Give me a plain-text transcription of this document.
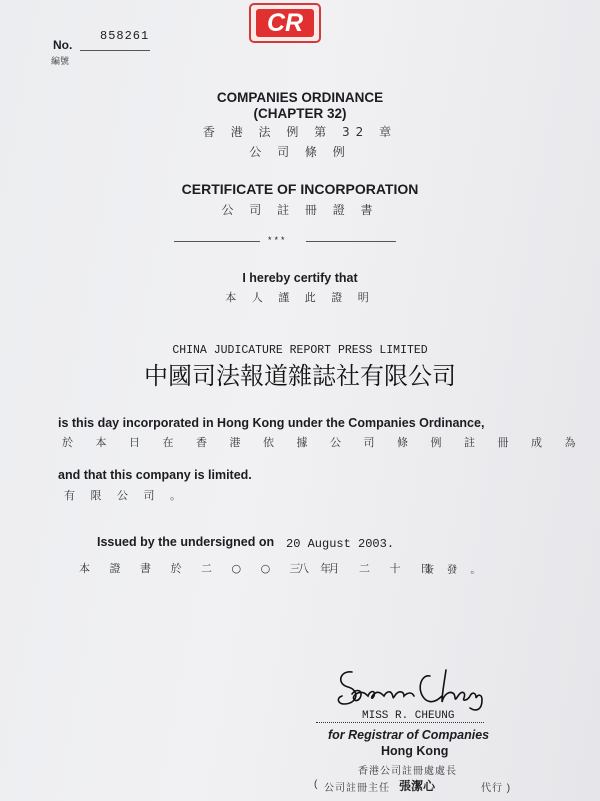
CR
No.
858261
編號
COMPANIES ORDINANCE
(CHAPTER 32)
香 港 法 例 第 32 章
公 司 條 例
CERTIFICATE OF INCORPORATION
公 司 註 冊 證 書
***
I hereby certify that
本 人 謹 此 證 明
CHINA JUDICATURE REPORT PRESS LIMITED
中國司法報道雜誌社有限公司
is this day incorporated in Hong Kong under the Companies Ordinance,
於 本 日 在 香 港 依 據 公 司 條 例 註 冊 成 為
and that this company is limited.
有 限 公 司 。
Issued by the undersigned on 20 August 2003.
本 證 書 於 二 ○ ○ 三 年
八 月 二 十 日
簽 發 。
MISS R. CHEUNG
for Registrar of Companies
Hong Kong
香港公司註冊處處長
( 公司註冊主任 張潔心	代行 )
